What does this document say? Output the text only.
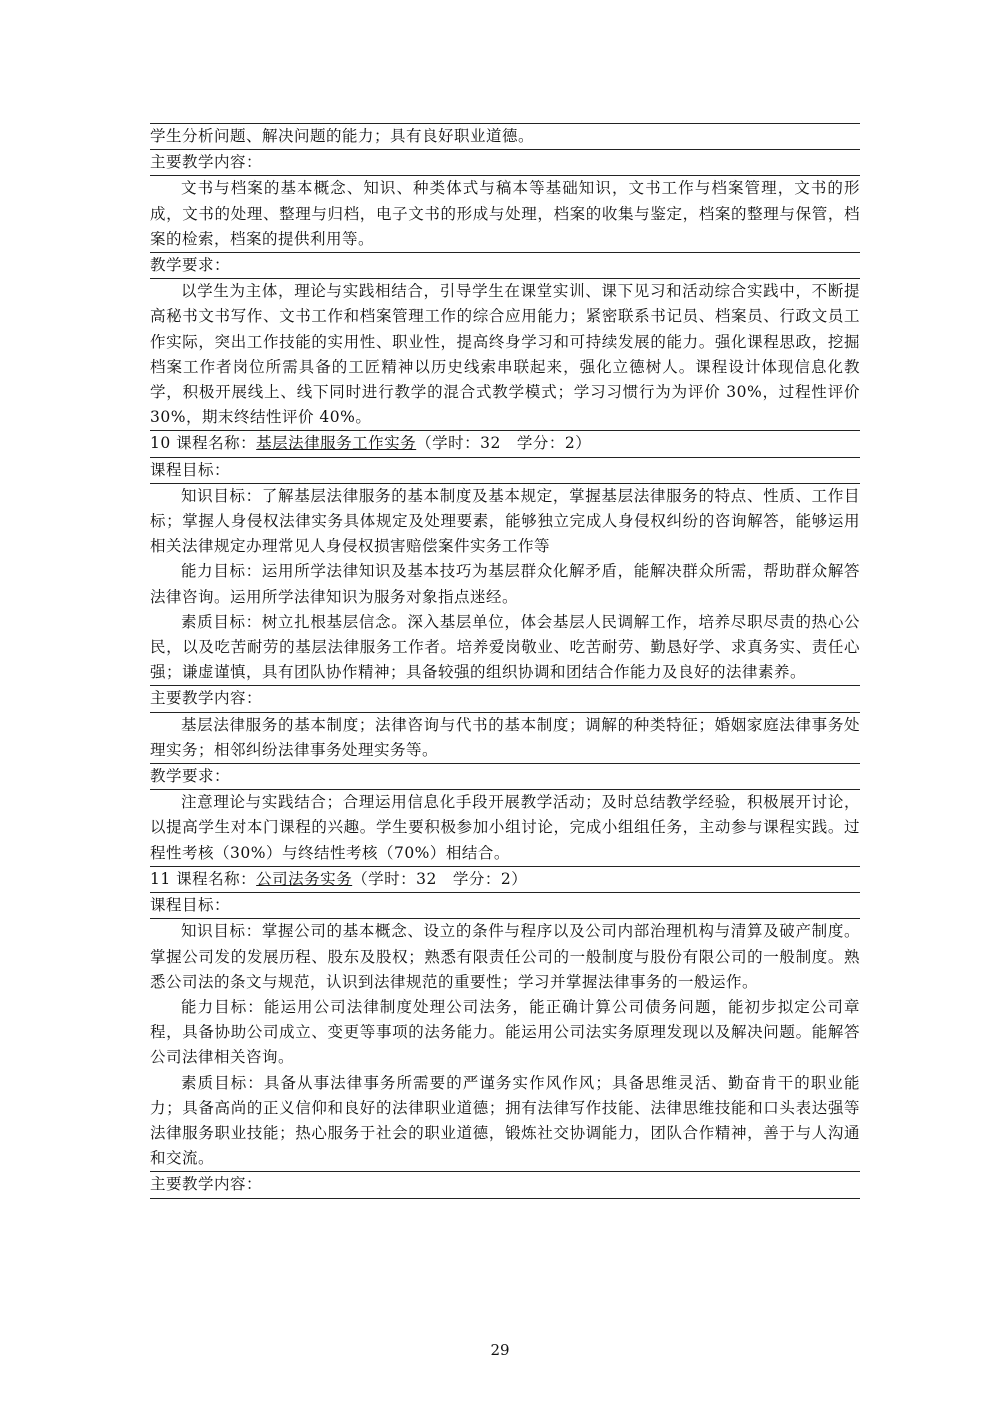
学生分析问题、解决问题的能力；具有良好职业道德。

主要教学内容：

文书与档案的基本概念、知识、种类体式与稿本等基础知识，文书工作与档案管理，文书的形成，文书的处理、整理与归档，电子文书的形成与处理，档案的收集与鉴定，档案的整理与保管，档案的检索，档案的提供利用等。

教学要求：

以学生为主体，理论与实践相结合，引导学生在课堂实训、课下见习和活动综合实践中，不断提高秘书文书写作、文书工作和档案管理工作的综合应用能力；紧密联系书记员、档案员、行政文员工作实际，突出工作技能的实用性、职业性，提高终身学习和可持续发展的能力。强化课程思政，挖掘档案工作者岗位所需具备的工匠精神以历史线索串联起来，强化立德树人。课程设计体现信息化教学，积极开展线上、线下同时进行教学的混合式教学模式；学习习惯行为为评价 30%，过程性评价 30%，期末终结性评价 40%。

10 课程名称：基层法律服务工作实务（学时：32　学分：2）

课程目标：

知识目标：了解基层法律服务的基本制度及基本规定，掌握基层法律服务的特点、性质、工作目标；掌握人身侵权法律实务具体规定及处理要素，能够独立完成人身侵权纠纷的咨询解答，能够运用相关法律规定办理常见人身侵权损害赔偿案件实务工作等

能力目标：运用所学法律知识及基本技巧为基层群众化解矛盾，能解决群众所需，帮助群众解答法律咨询。运用所学法律知识为服务对象指点迷经。

素质目标：树立扎根基层信念。深入基层单位，体会基层人民调解工作，培养尽职尽责的热心公民，以及吃苦耐劳的基层法律服务工作者。培养爱岗敬业、吃苦耐劳、勤恳好学、求真务实、责任心强；谦虚谨慎，具有团队协作精神；具备较强的组织协调和团结合作能力及良好的法律素养。

主要教学内容：

基层法律服务的基本制度；法律咨询与代书的基本制度；调解的种类特征；婚姻家庭法律事务处理实务；相邻纠纷法律事务处理实务等。

教学要求：

注意理论与实践结合；合理运用信息化手段开展教学活动；及时总结教学经验，积极展开讨论，以提高学生对本门课程的兴趣。学生要积极参加小组讨论，完成小组组任务，主动参与课程实践。过程性考核（30%）与终结性考核（70%）相结合。

11 课程名称：公司法务实务（学时：32　学分：2）

课程目标：

知识目标：掌握公司的基本概念、设立的条件与程序以及公司内部治理机构与清算及破产制度。掌握公司发的发展历程、股东及股权；熟悉有限责任公司的一般制度与股份有限公司的一般制度。熟悉公司法的条文与规范，认识到法律规范的重要性；学习并掌握法律事务的一般运作。

能力目标：能运用公司法律制度处理公司法务，能正确计算公司债务问题，能初步拟定公司章程，具备协助公司成立、变更等事项的法务能力。能运用公司法实务原理发现以及解决问题。能解答公司法律相关咨询。

素质目标：具备从事法律事务所需要的严谨务实作风作风；具备思维灵活、勤奋肯干的职业能力；具备高尚的正义信仰和良好的法律职业道德；拥有法律写作技能、法律思维技能和口头表达强等法律服务职业技能；热心服务于社会的职业道德，锻炼社交协调能力，团队合作精神，善于与人沟通和交流。

主要教学内容：

29
